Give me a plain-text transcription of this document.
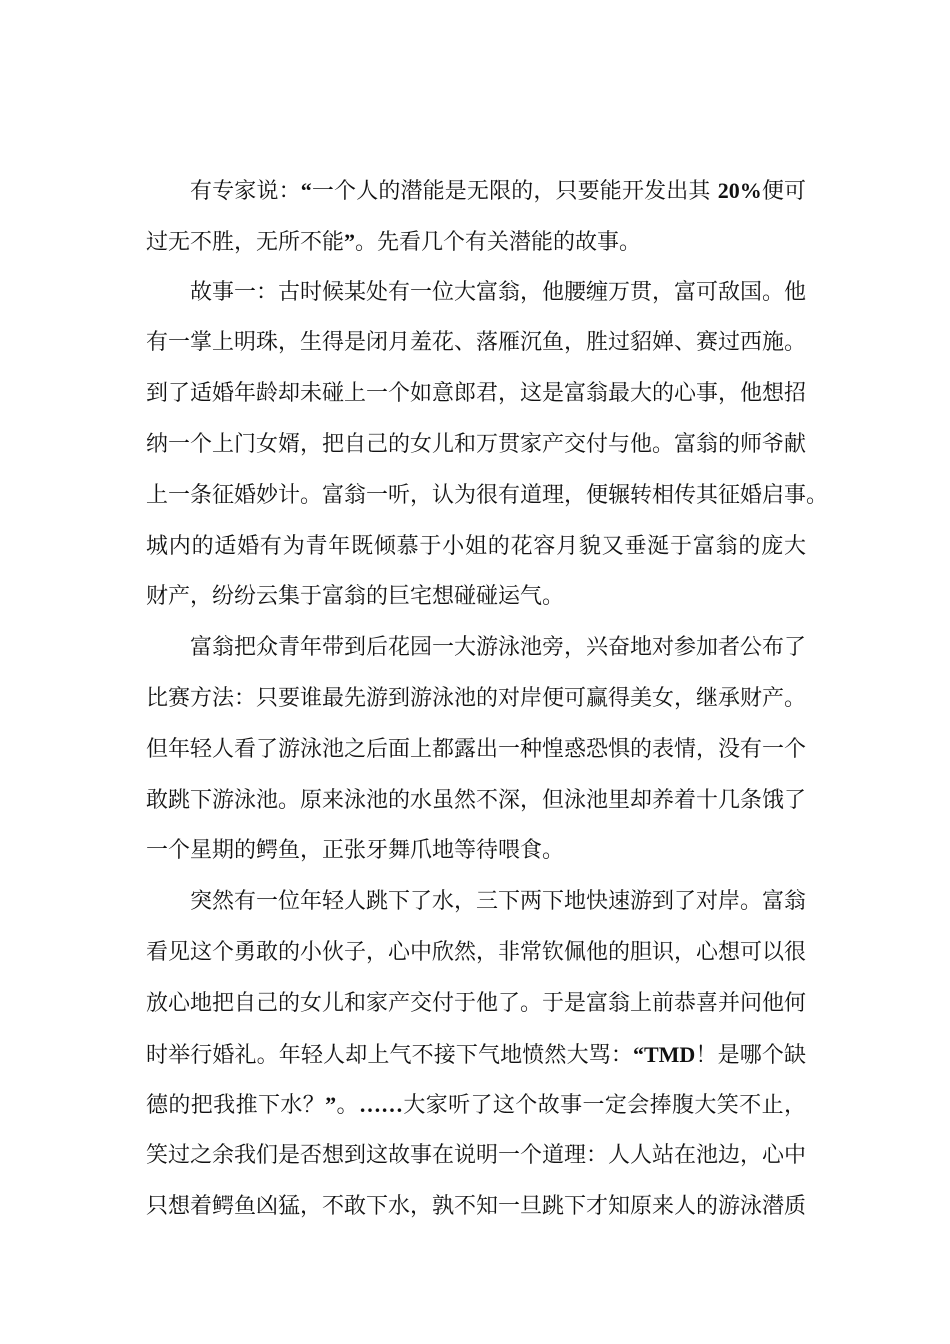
有专家说：“一个人的潜能是无限的，只要能开发出其 20%便可
过无不胜，无所不能”。先看几个有关潜能的故事。
故事一：古时候某处有一位大富翁，他腰缠万贯，富可敌国。他
有一掌上明珠，生得是闭月羞花、落雁沉鱼，胜过貂婵、赛过西施。
到了适婚年龄却未碰上一个如意郎君，这是富翁最大的心事，他想招
纳一个上门女婿，把自己的女儿和万贯家产交付与他。富翁的师爷献
上一条征婚妙计。富翁一听，认为很有道理，便辗转相传其征婚启事。
城内的适婚有为青年既倾慕于小姐的花容月貌又垂涎于富翁的庞大
财产，纷纷云集于富翁的巨宅想碰碰运气。
富翁把众青年带到后花园一大游泳池旁，兴奋地对参加者公布了
比赛方法：只要谁最先游到游泳池的对岸便可赢得美女，继承财产。
但年轻人看了游泳池之后面上都露出一种惶惑恐惧的表情，没有一个
敢跳下游泳池。原来泳池的水虽然不深，但泳池里却养着十几条饿了
一个星期的鳄鱼，正张牙舞爪地等待喂食。
突然有一位年轻人跳下了水，三下两下地快速游到了对岸。富翁
看见这个勇敢的小伙子，心中欣然，非常钦佩他的胆识，心想可以很
放心地把自己的女儿和家产交付于他了。于是富翁上前恭喜并问他何
时举行婚礼。年轻人却上气不接下气地愤然大骂：“TMD！是哪个缺
德的把我推下水？”。……大家听了这个故事一定会捧腹大笑不止，
笑过之余我们是否想到这故事在说明一个道理：人人站在池边，心中
只想着鳄鱼凶猛，不敢下水，孰不知一旦跳下才知原来人的游泳潜质
